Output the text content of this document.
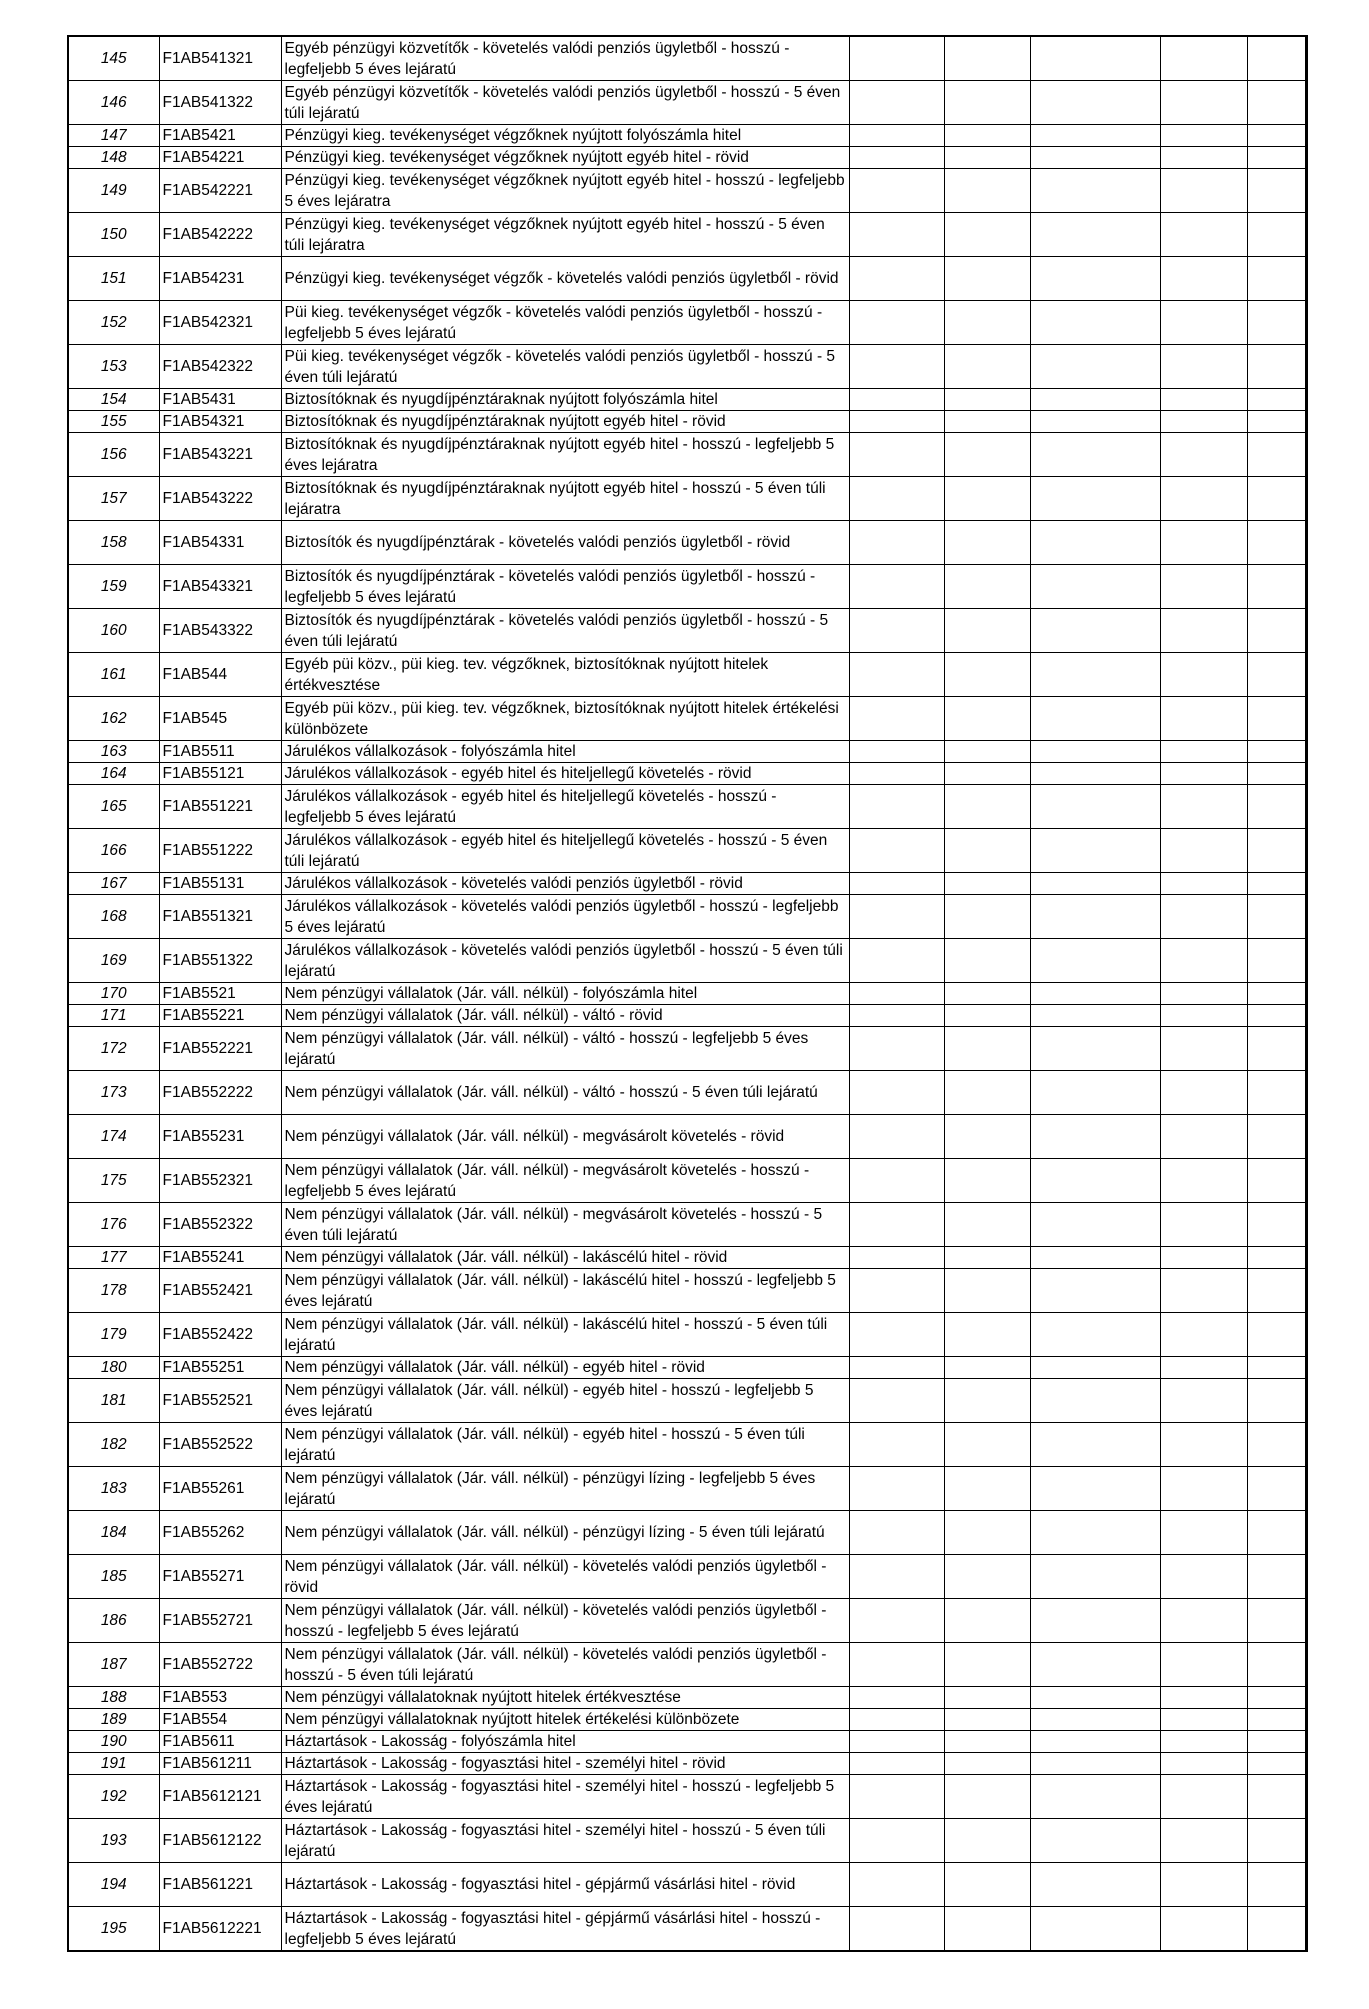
145	F1AB541321	Egyéb pénzügyi közvetítők - követelés valódi penziós ügyletből - hosszú - legfeljebb 5 éves lejáratú					
146	F1AB541322	Egyéb pénzügyi közvetítők - követelés valódi penziós ügyletből - hosszú - 5 éven túli lejáratú					
147	F1AB5421	Pénzügyi kieg. tevékenységet végzőknek nyújtott folyószámla hitel					
148	F1AB54221	Pénzügyi kieg. tevékenységet végzőknek nyújtott egyéb hitel - rövid					
149	F1AB542221	Pénzügyi kieg. tevékenységet végzőknek nyújtott egyéb hitel - hosszú - legfeljebb 5 éves lejáratra					
150	F1AB542222	Pénzügyi kieg. tevékenységet végzőknek nyújtott egyéb hitel - hosszú - 5 éven túli lejáratra					
151	F1AB54231	Pénzügyi kieg. tevékenységet végzők - követelés valódi penziós ügyletből - rövid					
152	F1AB542321	Püi kieg. tevékenységet végzők - követelés valódi penziós ügyletből - hosszú - legfeljebb 5 éves lejáratú					
153	F1AB542322	Püi kieg. tevékenységet végzők - követelés valódi penziós ügyletből - hosszú - 5 éven túli lejáratú					
154	F1AB5431	Biztosítóknak és nyugdíjpénztáraknak nyújtott folyószámla hitel					
155	F1AB54321	Biztosítóknak és nyugdíjpénztáraknak nyújtott egyéb hitel - rövid					
156	F1AB543221	Biztosítóknak és nyugdíjpénztáraknak nyújtott egyéb hitel - hosszú - legfeljebb 5 éves lejáratra					
157	F1AB543222	Biztosítóknak és nyugdíjpénztáraknak nyújtott egyéb hitel - hosszú - 5 éven túli lejáratra					
158	F1AB54331	Biztosítók és nyugdíjpénztárak - követelés valódi penziós ügyletből - rövid					
159	F1AB543321	Biztosítók és nyugdíjpénztárak - követelés valódi penziós ügyletből - hosszú - legfeljebb 5 éves lejáratú					
160	F1AB543322	Biztosítók és nyugdíjpénztárak - követelés valódi penziós ügyletből - hosszú - 5 éven túli lejáratú					
161	F1AB544	Egyéb püi közv., püi kieg. tev. végzőknek, biztosítóknak nyújtott hitelek értékvesztése					
162	F1AB545	Egyéb püi közv., püi kieg. tev. végzőknek, biztosítóknak nyújtott hitelek értékelési különbözete					
163	F1AB5511	Járulékos vállalkozások - folyószámla hitel					
164	F1AB55121	Járulékos vállalkozások - egyéb hitel és hiteljellegű követelés - rövid					
165	F1AB551221	Járulékos vállalkozások - egyéb hitel és hiteljellegű követelés - hosszú - legfeljebb 5 éves lejáratú					
166	F1AB551222	Járulékos vállalkozások - egyéb hitel és hiteljellegű követelés - hosszú - 5 éven túli lejáratú					
167	F1AB55131	Járulékos vállalkozások - követelés valódi penziós ügyletből - rövid					
168	F1AB551321	Járulékos vállalkozások - követelés valódi penziós ügyletből - hosszú - legfeljebb 5 éves lejáratú					
169	F1AB551322	Járulékos vállalkozások - követelés valódi penziós ügyletből - hosszú - 5 éven túli lejáratú					
170	F1AB5521	Nem pénzügyi vállalatok (Jár. váll. nélkül) - folyószámla hitel					
171	F1AB55221	Nem pénzügyi vállalatok (Jár. váll. nélkül) - váltó - rövid					
172	F1AB552221	Nem pénzügyi vállalatok (Jár. váll. nélkül) - váltó - hosszú - legfeljebb 5 éves lejáratú					
173	F1AB552222	Nem pénzügyi vállalatok (Jár. váll. nélkül) - váltó - hosszú - 5 éven túli lejáratú					
174	F1AB55231	Nem pénzügyi vállalatok (Jár. váll. nélkül) - megvásárolt követelés - rövid					
175	F1AB552321	Nem pénzügyi vállalatok (Jár. váll. nélkül) - megvásárolt követelés - hosszú - legfeljebb 5 éves lejáratú					
176	F1AB552322	Nem pénzügyi vállalatok (Jár. váll. nélkül) - megvásárolt követelés - hosszú - 5 éven túli lejáratú					
177	F1AB55241	Nem pénzügyi vállalatok (Jár. váll. nélkül) - lakáscélú hitel - rövid					
178	F1AB552421	Nem pénzügyi vállalatok (Jár. váll. nélkül) - lakáscélú hitel - hosszú - legfeljebb 5 éves lejáratú					
179	F1AB552422	Nem pénzügyi vállalatok (Jár. váll. nélkül) - lakáscélú hitel - hosszú - 5 éven túli lejáratú					
180	F1AB55251	Nem pénzügyi vállalatok (Jár. váll. nélkül) - egyéb hitel - rövid					
181	F1AB552521	Nem pénzügyi vállalatok (Jár. váll. nélkül) - egyéb hitel - hosszú - legfeljebb 5 éves lejáratú					
182	F1AB552522	Nem pénzügyi vállalatok (Jár. váll. nélkül) - egyéb hitel - hosszú - 5 éven túli lejáratú					
183	F1AB55261	Nem pénzügyi vállalatok (Jár. váll. nélkül) - pénzügyi lízing - legfeljebb 5 éves lejáratú					
184	F1AB55262	Nem pénzügyi vállalatok (Jár. váll. nélkül) - pénzügyi lízing - 5 éven túli lejáratú					
185	F1AB55271	Nem pénzügyi vállalatok (Jár. váll. nélkül) - követelés valódi penziós ügyletből - rövid					
186	F1AB552721	Nem pénzügyi vállalatok (Jár. váll. nélkül) - követelés valódi penziós ügyletből - hosszú - legfeljebb 5 éves lejáratú					
187	F1AB552722	Nem pénzügyi vállalatok (Jár. váll. nélkül) - követelés valódi penziós ügyletből - hosszú - 5 éven túli lejáratú					
188	F1AB553	Nem pénzügyi vállalatoknak nyújtott hitelek értékvesztése					
189	F1AB554	Nem pénzügyi vállalatoknak nyújtott hitelek értékelési különbözete					
190	F1AB5611	Háztartások - Lakosság - folyószámla hitel					
191	F1AB561211	Háztartások - Lakosság - fogyasztási hitel - személyi hitel - rövid					
192	F1AB5612121	Háztartások - Lakosság - fogyasztási hitel - személyi hitel - hosszú - legfeljebb 5 éves lejáratú					
193	F1AB5612122	Háztartások - Lakosság - fogyasztási hitel - személyi hitel - hosszú - 5 éven túli lejáratú					
194	F1AB561221	Háztartások - Lakosság - fogyasztási hitel - gépjármű vásárlási hitel - rövid					
195	F1AB5612221	Háztartások - Lakosság - fogyasztási hitel - gépjármű vásárlási hitel - hosszú - legfeljebb 5 éves lejáratú					
